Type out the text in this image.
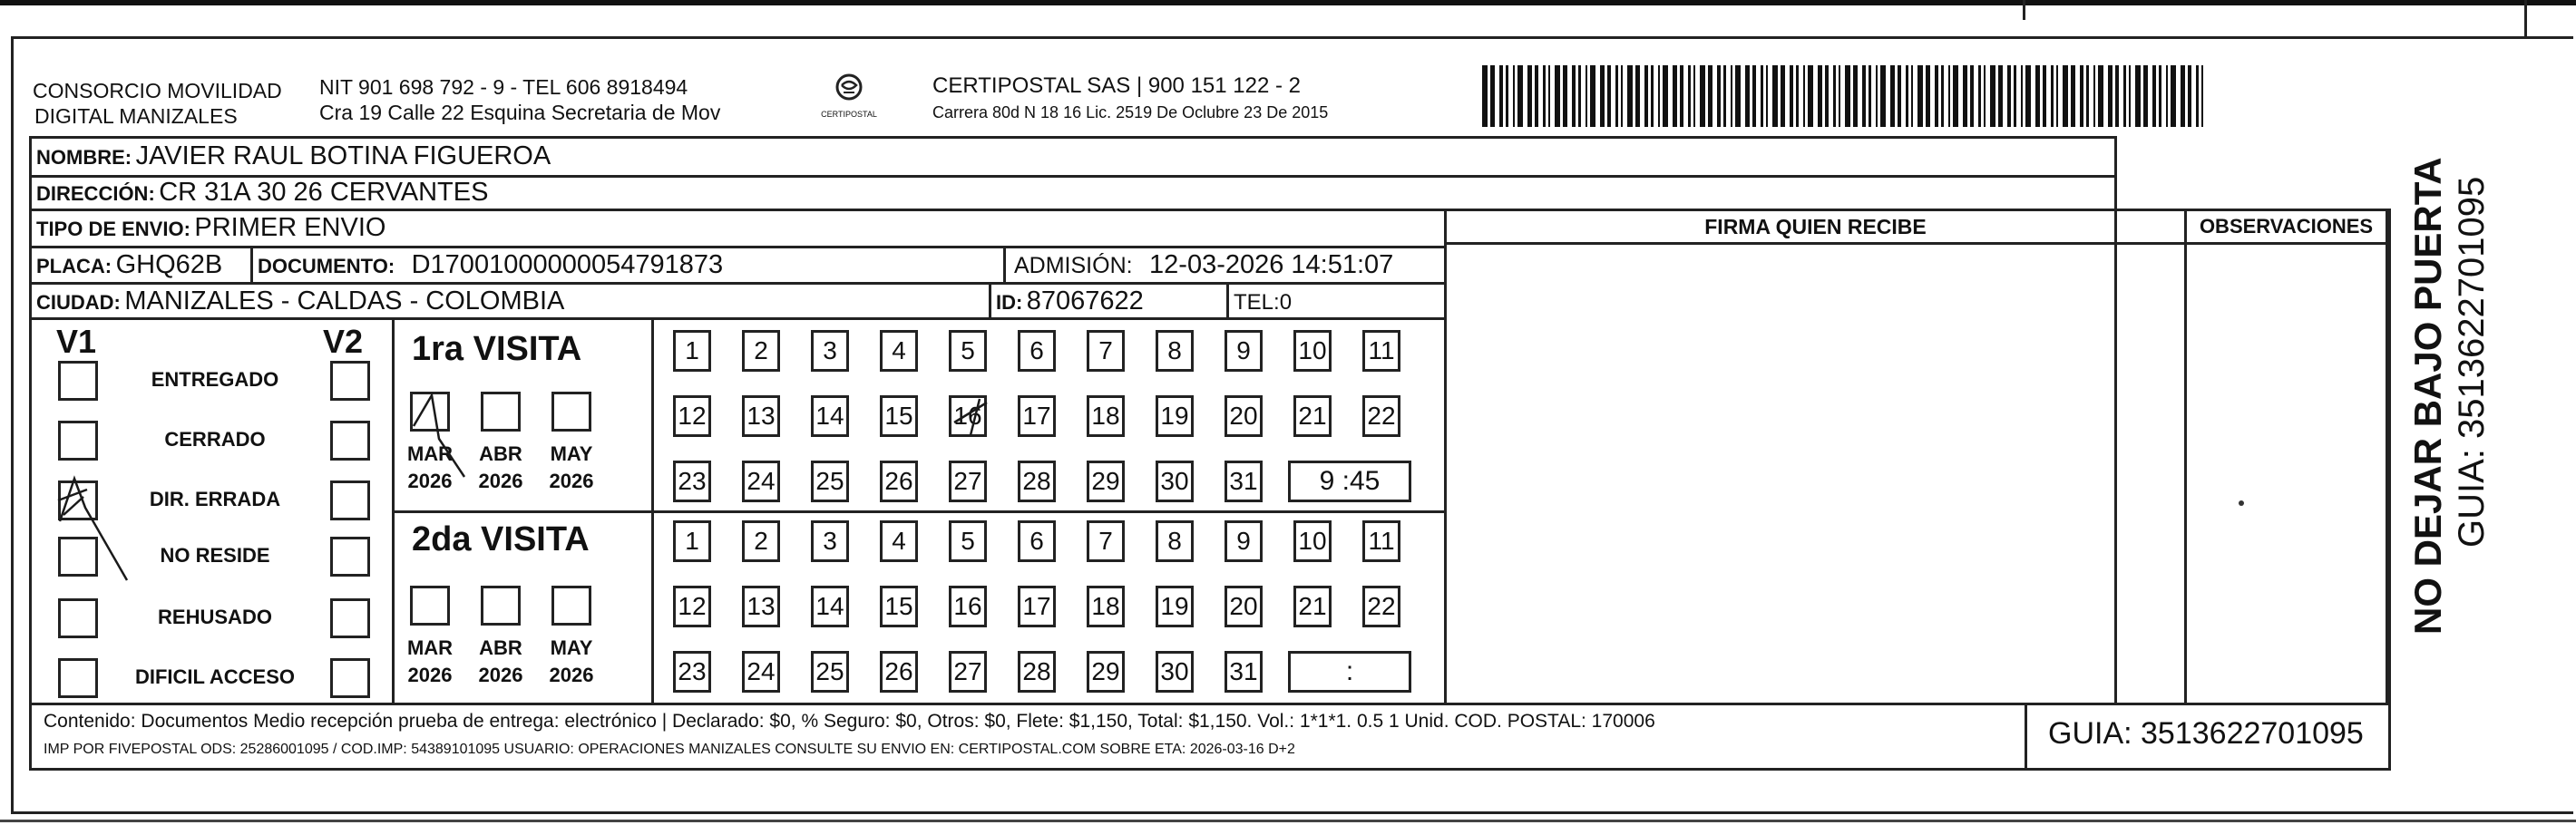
CONSORCIO MOVILIDAD
DIGITAL MANIZALES
NIT 901 698 792 - 9 - TEL 606 8918494
Cra 19 Calle 22 Esquina Secretaria de Mov	CERTIPOSTAL
CERTIPOSTAL SAS | 900 151 122 - 2
Carrera 80d N 18 16 Lic. 2519 De Oclubre 23 De 2015
NOMBRE: JAVIER RAUL BOTINA FIGUEROA
DIRECCIÓN: CR 31A 30 26 CERVANTES
TIPO DE ENVIO: PRIMER ENVIO
PLACA: GHQ62B DOCUMENTO: D17001000000054791873	ADMISIÓN: 12-03-2026 14:51:07
CIUDAD: MANIZALES - CALDAS - COLOMBIA	ID: 87067622	TEL:0
FIRMA QUIEN RECIBE	OBSERVACIONES
V1	V2
ENTREGADO
CERRADO
DIR. ERRADA
NO RESIDE
REHUSADO
DIFICIL ACCESO
1ra VISITA
2da VISITA
MAR
2026
ABR
2026
MAY
2026
1	2	3	4	5	6	7	8	9	10 11
12 13 14 15 16 17 18 19 20 21 22
23 24 25 26 27 28 29 30 31	9 :45
MAR
2026
ABR
2026
MAY
2026
1	2	3	4	5	6	7	8	9	10 11
12 13 14 15 16 17 18 19 20 21 22
23 24 25 26 27 28 29 30 31	:
Contenido: Documentos Medio recepción prueba de entrega: electrónico | Declarado: $0, % Seguro: $0, Otros: $0, Flete: $1,150, Total: $1,150. Vol.: 1*1*1. 0.5 1 Unid. COD. POSTAL: 170006
IMP POR FIVEPOSTAL ODS: 25286001095 / COD.IMP: 54389101095 USUARIO: OPERACIONES MANIZALES CONSULTE SU ENVIO EN: CERTIPOSTAL.COM SOBRE ETA: 2026-03-16 D+2	GUIA: 3513622701095
NO DEJAR BAJO PUERTA GUIA: 3513622701095
